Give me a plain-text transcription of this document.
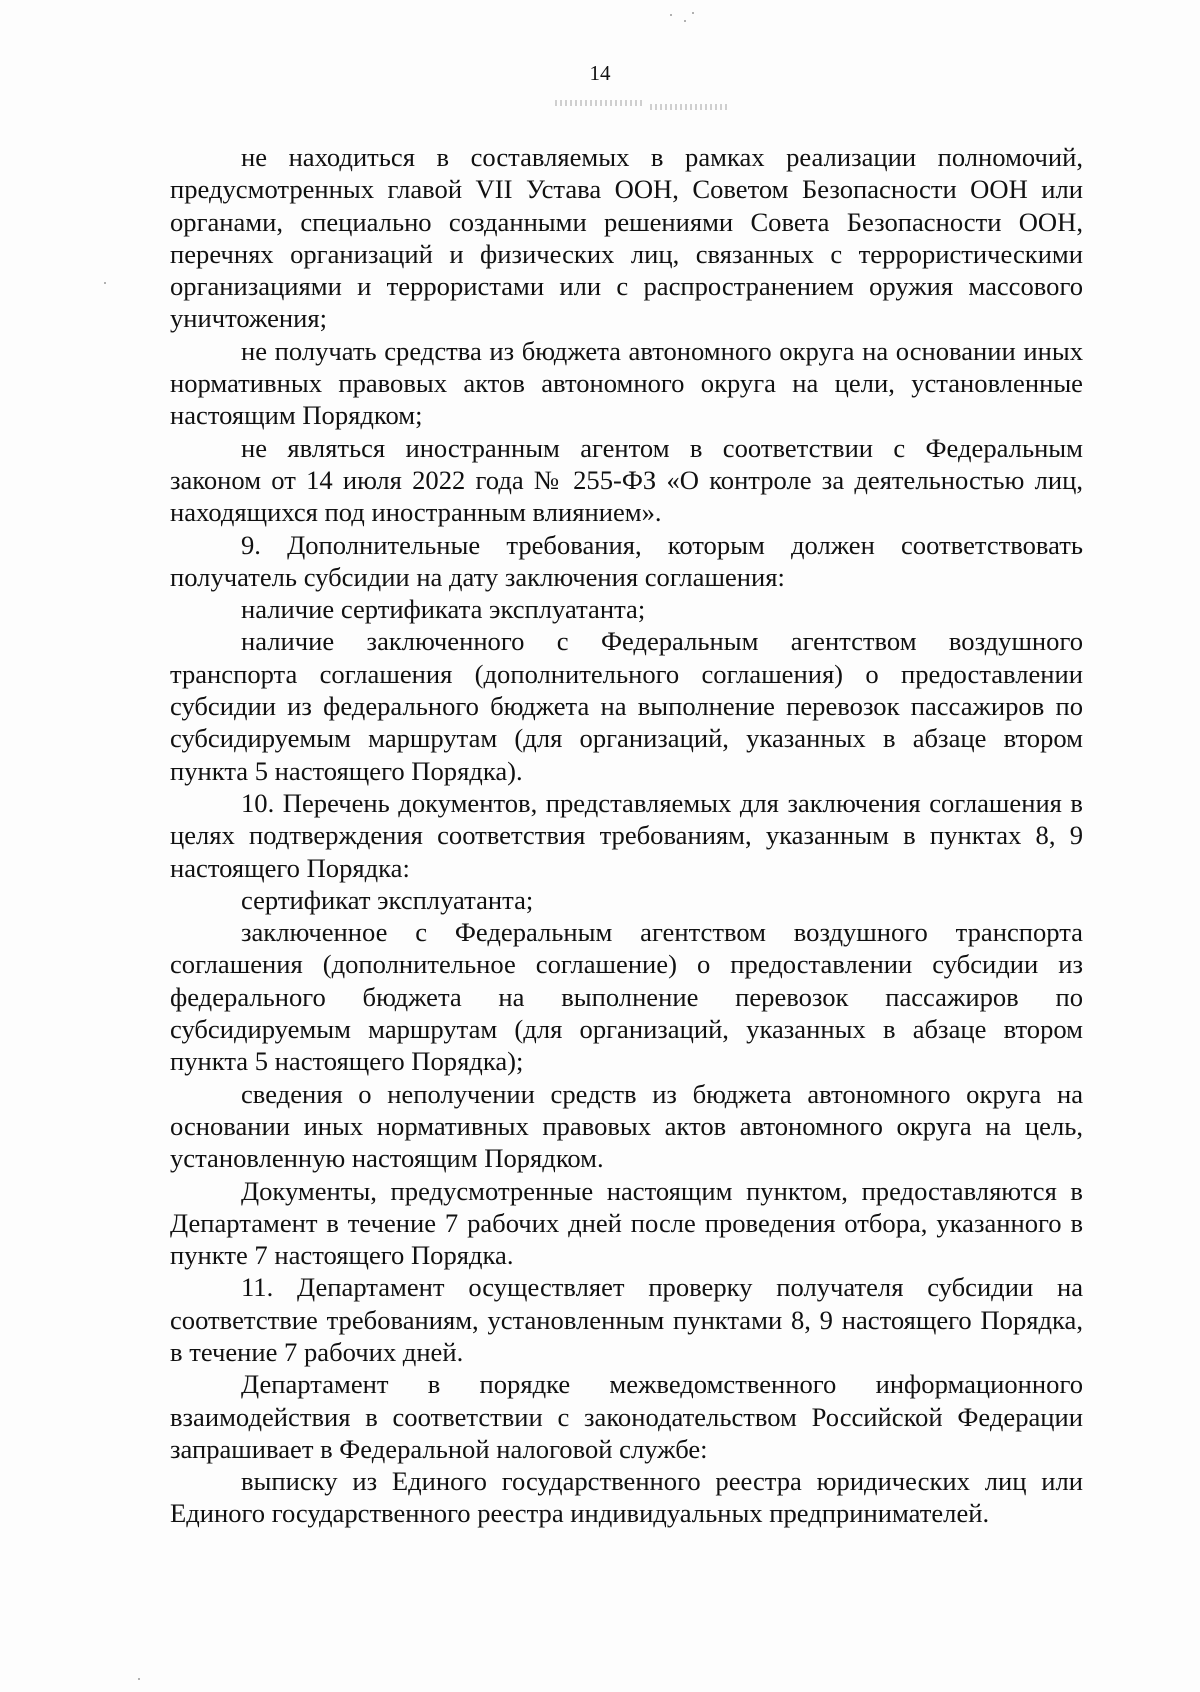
14

не находиться в составляемых в рамках реализации полномочий, предусмотренных главой VII Устава ООН, Советом Безопасности ООН или органами, специально созданными решениями Совета Безопасности ООН, перечнях организаций и физических лиц, связанных с террористическими организациями и террористами или с распространением оружия массового уничтожения;

не получать средства из бюджета автономного округа на основании иных нормативных правовых актов автономного округа на цели, установленные настоящим Порядком;

не являться иностранным агентом в соответствии с Федеральным законом от 14 июля 2022 года № 255-ФЗ «О контроле за деятельностью лиц, находящихся под иностранным влиянием».

9. Дополнительные требования, которым должен соответствовать получатель субсидии на дату заключения соглашения:

наличие сертификата эксплуатанта;

наличие заключенного с Федеральным агентством воздушного транспорта соглашения (дополнительного соглашения) о предоставлении субсидии из федерального бюджета на выполнение перевозок пассажиров по субсидируемым маршрутам (для организаций, указанных в абзаце втором пункта 5 настоящего Порядка).

10. Перечень документов, представляемых для заключения соглашения в целях подтверждения соответствия требованиям, указанным в пунктах 8, 9 настоящего Порядка:

сертификат эксплуатанта;

заключенное с Федеральным агентством воздушного транспорта соглашения (дополнительное соглашение) о предоставлении субсидии из федерального бюджета на выполнение перевозок пассажиров по субсидируемым маршрутам (для организаций, указанных в абзаце втором пункта 5 настоящего Порядка);

сведения о неполучении средств из бюджета автономного округа на основании иных нормативных правовых актов автономного округа на цель, установленную настоящим Порядком.

Документы, предусмотренные настоящим пунктом, предоставляются в Департамент в течение 7 рабочих дней после проведения отбора, указанного в пункте 7 настоящего Порядка.

11. Департамент осуществляет проверку получателя субсидии на соответствие требованиям, установленным пунктами 8, 9 настоящего Порядка, в течение 7 рабочих дней.

Департамент в порядке межведомственного информационного взаимодействия в соответствии с законодательством Российской Федерации запрашивает в Федеральной налоговой службе:

выписку из Единого государственного реестра юридических лиц или Единого государственного реестра индивидуальных предпринимателей.
